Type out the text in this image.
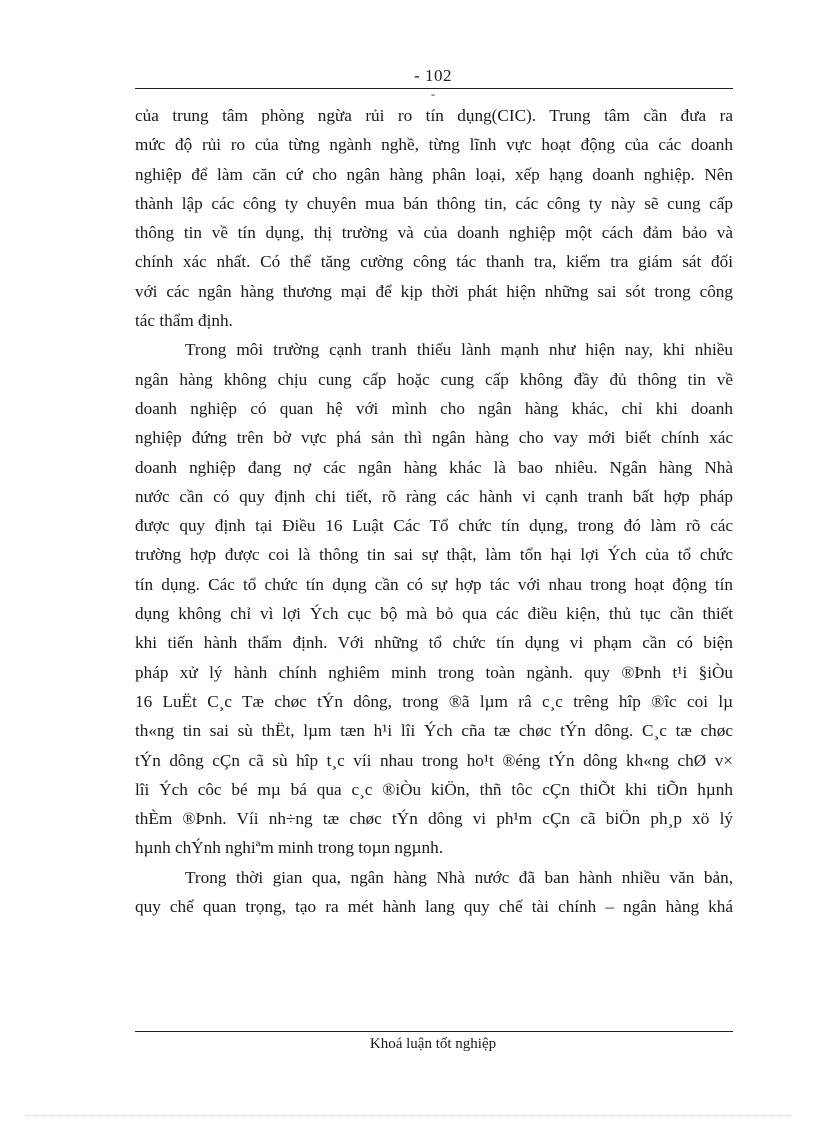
- 102
-
của trung tâm phòng ngừa rủi ro tín dụng(CIC). Trung tâm cần đưa ra
mức độ rủi ro của từng ngành nghề, từng lĩnh vực hoạt động của các doanh
nghiệp để làm căn cứ cho ngân hàng phân loại, xếp hạng doanh nghiệp. Nên
thành lập các công ty chuyên mua bán thông tin, các công ty này sẽ cung cấp
thông tin về tín dụng, thị trường và của doanh nghiệp một cách đảm bảo và
chính xác nhất. Có thể tăng cường công tác thanh tra, kiểm tra giám sát đối
với các ngân hàng thương mại để kịp thời phát hiện những sai sót trong công
tác thẩm định.
Trong môi trường cạnh tranh thiếu lành mạnh như hiện nay, khi nhiều
ngân hàng không chịu cung cấp hoặc cung cấp không đầy đủ thông tin về
doanh nghiệp có quan hệ với mình cho ngân hàng khác, chỉ khi doanh
nghiệp đứng trên bờ vực phá sản thì ngân hàng cho vay mới biết chính xác
doanh nghiệp đang nợ các ngân hàng khác là bao nhiêu. Ngân hàng Nhà
nước cần có quy định chi tiết, rõ ràng các hành vi cạnh tranh bất hợp pháp
được quy định tại Điều 16 Luật Các Tổ chức tín dụng, trong đó làm rõ các
trường hợp được coi là thông tin sai sự thật, làm tổn hại lợi Ých của tổ chức
tín dụng. Các tổ chức tín dụng cần có sự hợp tác với nhau trong hoạt động tín
dụng không chỉ vì lợi Ých cục bộ mà bỏ qua các điều kiện, thủ tục cần thiết
khi tiến hành thẩm định. Với những tổ chức tín dụng vi phạm cần có biện
pháp xử lý hành chính nghiêm minh trong toàn ngành. quy ®Þnh t¹i §iÒu
16 LuËt C¸c Tæ chøc tÝn dông, trong ®ã lµm râ c¸c trêng hîp ®îc coi lµ
th«ng tin sai sù thËt, lµm tæn h¹i lîi Ých cña tæ chøc tÝn dông. C¸c tæ chøc
tÝn dông cÇn cã sù hîp t¸c víi nhau trong ho¹t ®éng tÝn dông kh«ng chØ v×
lîi Ých côc bé mµ bá qua c¸c ®iÒu kiÖn, thñ tôc cÇn thiÕt khi tiÕn hµnh
thÈm ®Þnh. Víi nh÷ng tæ chøc tÝn dông vi ph¹m cÇn cã biÖn ph¸p xö lý
hµnh chÝnh nghiªm minh trong toµn ngµnh.
Trong thời gian qua, ngân hàng Nhà nước đã ban hành nhiều văn bản,
quy chế quan trọng, tạo ra mét hành lang quy chế tài chính – ngân hàng khá
Khoá luận tốt nghiệp
